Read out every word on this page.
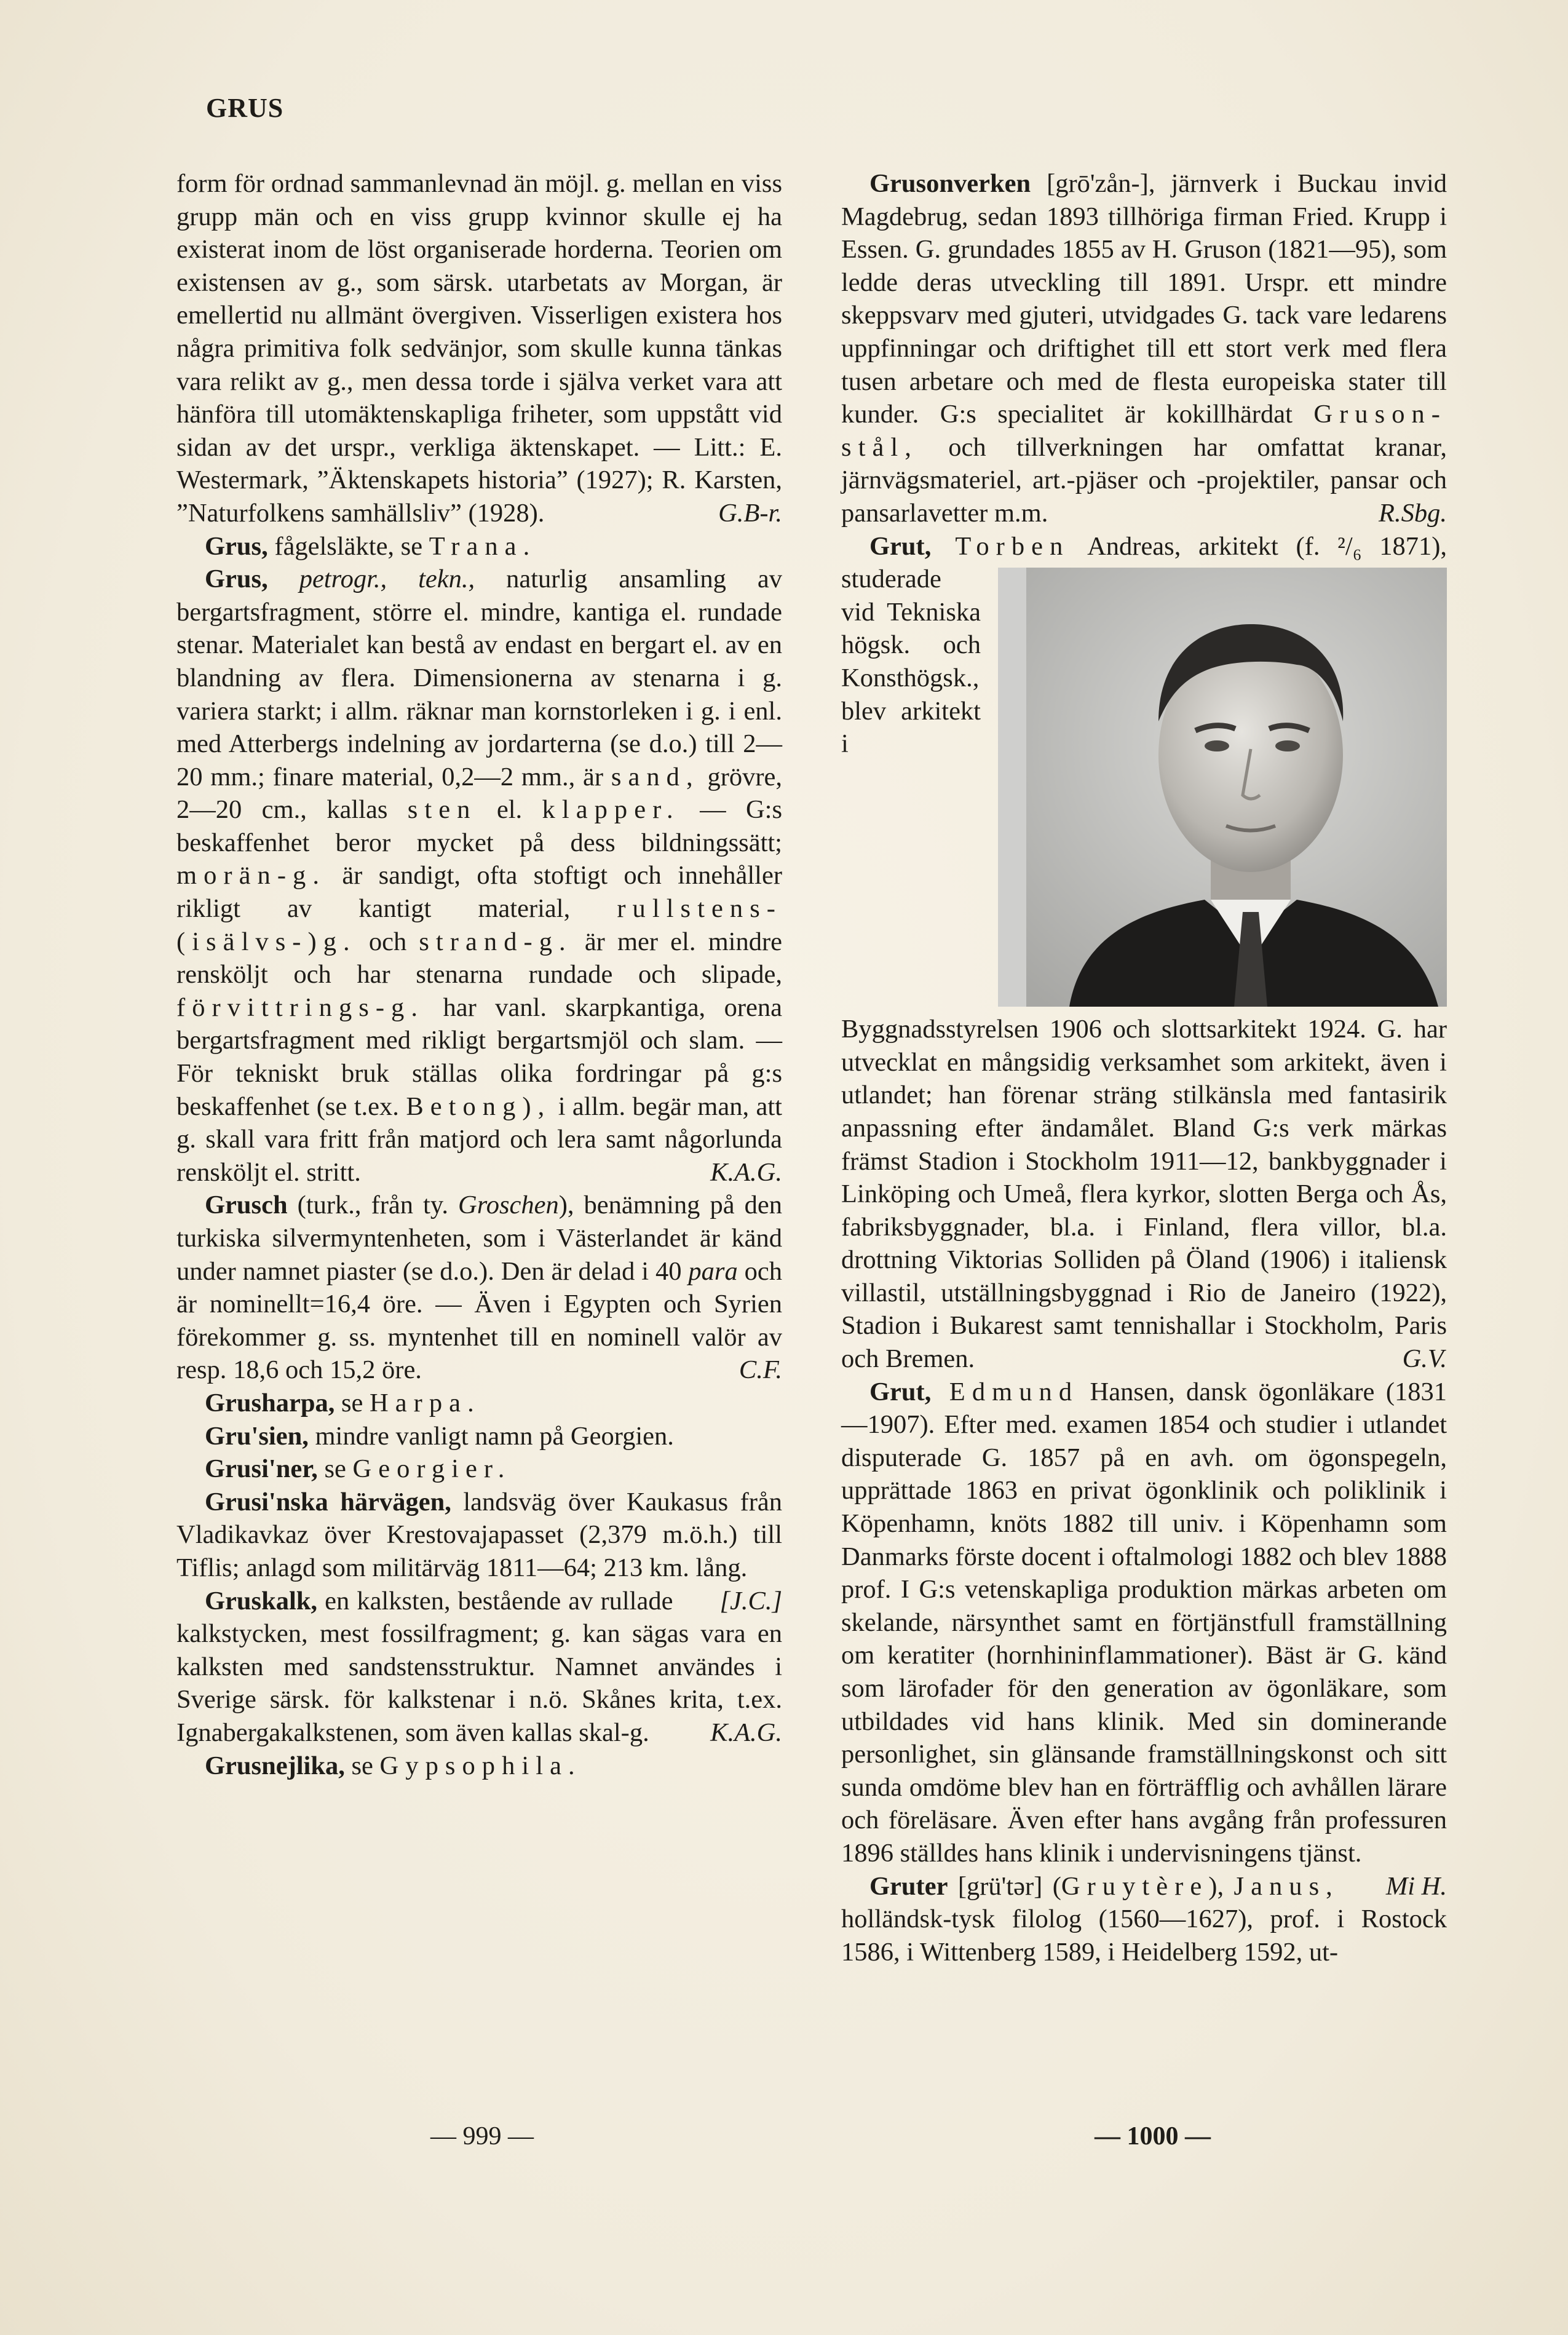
GRUS

form för ordnad sammanlevnad än möjl. g. mellan en viss grupp män och en viss grupp kvinnor skulle ej ha existerat inom de löst organiserade horderna. Teorien om existensen av g., som särsk. utarbetats av Morgan, är emellertid nu allmänt övergiven. Visserligen existera hos några primitiva folk sedvänjor, som skulle kunna tänkas vara relikt av g., men dessa torde i själva verket vara att hänföra till utomäktenskapliga friheter, som uppstått vid sidan av det urspr., verkliga äktenskapet. — Litt.: E. Westermark, ”Äktenskapets historia” (1927); R. Karsten, ”Naturfolkens samhällsliv” (1928).	G.B-r.

Grus, fågelsläkte, se Trana.

Grus, petrogr., tekn., naturlig ansamling av bergartsfragment, större el. mindre, kantiga el. rundade stenar. Materialet kan bestå av endast en bergart el. av en blandning av flera. Dimensionerna av stenarna i g. variera starkt; i allm. räknar man kornstorleken i g. i enl. med Atterbergs indelning av jordarterna (se d.o.) till 2—20 mm.; finare material, 0,2—2 mm., är sand, grövre, 2—20 cm., kallas sten el. klapper. — G:s beskaffenhet beror mycket på dess bildningssätt; morän-g. är sandigt, ofta stoftigt och innehåller rikligt av kantigt material, rullstens-(isälvs-)g. och strand-g. är mer el. mindre rensköljt och har stenarna rundade och slipade, förvittrings-g. har vanl. skarpkantiga, orena bergartsfragment med rikligt bergartsmjöl och slam. — För tekniskt bruk ställas olika fordringar på g:s beskaffenhet (se t.ex. Betong), i allm. begär man, att g. skall vara fritt från matjord och lera samt någorlunda rensköljt el. stritt.	K.A.G.

Grusch (turk., från ty. Groschen), benämning på den turkiska silvermyntenheten, som i Västerlandet är känd under namnet piaster (se d.o.). Den är delad i 40 para och är nominellt=16,4 öre. — Även i Egypten och Syrien förekommer g. ss. myntenhet till en nominell valör av resp. 18,6 och 15,2 öre.	C.F.

Grusharpa, se Harpa.

Gru'sien, mindre vanligt namn på Georgien.

Grusi'ner, se Georgier.

Grusi'nska härvägen, landsväg över Kaukasus från Vladikavkaz över Krestovajapasset (2,379 m.ö.h.) till Tiflis; anlagd som militärväg 1811—64; 213 km. lång.
[J.C.]

Gruskalk, en kalksten, bestående av rullade kalkstycken, mest fossilfragment; g. kan sägas vara en kalksten med sandstensstruktur. Namnet användes i Sverige särsk. för kalkstenar i n.ö. Skånes krita, t.ex. Ignabergakalkstenen, som även kallas skal-g.	K.A.G.

Grusnejlika, se Gypsophila.

Grusonverken [grō'zån-], järnverk i Buckau invid Magdebrug, sedan 1893 tillhöriga firman Fried. Krupp i Essen. G. grundades 1855 av H. Gruson (1821—95), som ledde deras utveckling till 1891. Urspr. ett mindre skeppsvarv med gjuteri, utvidgades G. tack vare ledarens uppfinningar och driftighet till ett stort verk med flera tusen arbetare och med de flesta europeiska stater till kunder. G:s specialitet är kokillhärdat Gruson-stål, och tillverkningen har omfattat kranar, järnvägsmateriel, art.-pjäser och -projektiler, pansar och pansarlavetter m.m.	R.Sbg.

Grut, Torben
Andreas, arkitekt (f. ²/₆ 1871), studerade vid Tekniska högsk. och Konsthögsk., blev arkitekt i Byggnadsstyrelsen 1906 och slottsarkitekt 1924. G. har utvecklat en mångsidig verksamhet som arkitekt, även i utlandet; han förenar sträng stilkänsla med fantasirik anpassning efter ändamålet. Bland G:s verk märkas främst Stadion i Stockholm 1911—12, bankbyggnader i Linköping och Umeå, flera kyrkor, slotten Berga och Ås, fabriksbyggnader, bl.a. i Finland, flera villor, bl.a. drottning Viktorias Solliden på Öland (1906) i italiensk villastil, utställningsbyggnad i Rio de Janeiro (1922), Stadion i Bukarest samt tennishallar i Stockholm, Paris och Bremen.	G.V.

Grut, Edmund Hansen, dansk ögonläkare (1831—1907). Efter med. examen 1854 och studier i utlandet disputerade G. 1857 på en avh. om ögonspegeln, upprättade 1863 en privat ögonklinik och poliklinik i Köpenhamn, knöts 1882 till univ. i Köpenhamn som Danmarks förste docent i oftalmologi 1882 och blev 1888 prof. I G:s vetenskapliga produktion märkas arbeten om skelande, närsynthet samt en förtjänstfull framställning om keratiter (hornhininflammationer). Bäst är G. känd som lärofader för den generation av ögonläkare, som utbildades vid hans klinik. Med sin dominerande personlighet, sin glänsande framställningskonst och sitt sunda omdöme blev han en förträfflig och avhållen lärare och föreläsare. Även efter hans avgång från professuren 1896 ställdes hans klinik i undervisningens tjänst.
Mi H.

Gruter [grü'tər] (Gruytère), Janus, holländsk-tysk filolog (1560—1627), prof. i Rostock 1586, i Wittenberg 1589, i Heidelberg 1592, ut-

— 999 —	— 1000 —
